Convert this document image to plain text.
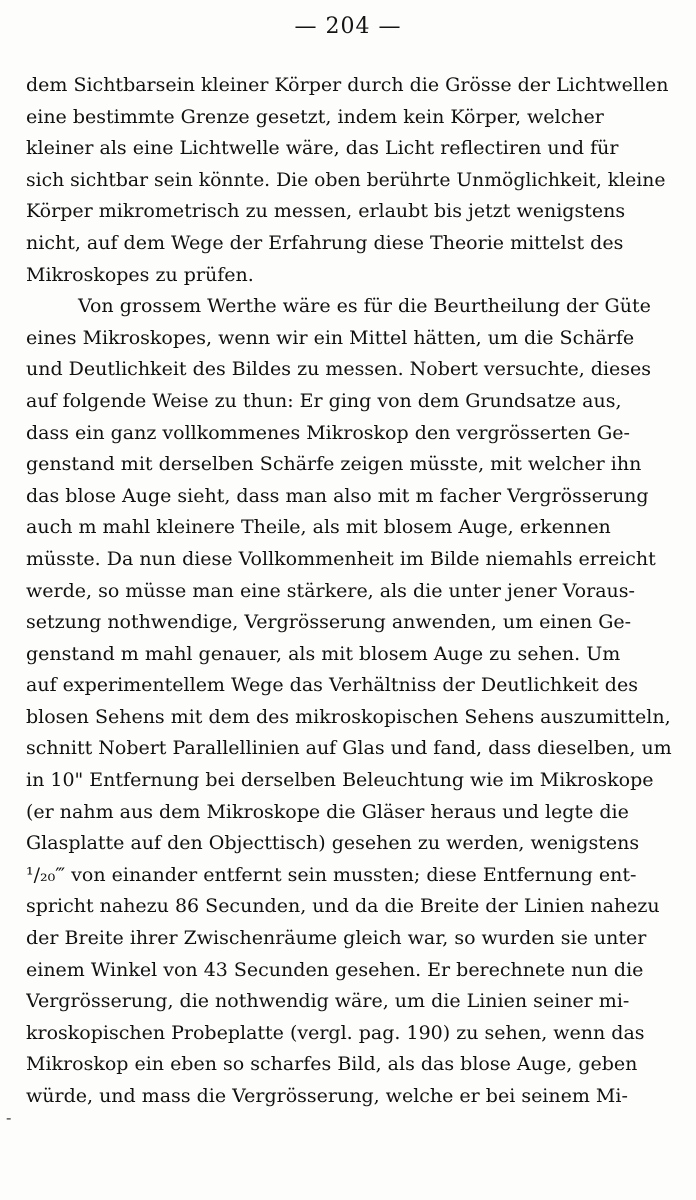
— 204 —
dem Sichtbarsein kleiner Körper durch die Grösse der Lichtwellen
eine bestimmte Grenze gesetzt, indem kein Körper, welcher
kleiner als eine Lichtwelle wäre, das Licht reflectiren und für
sich sichtbar sein könnte. Die oben berührte Unmöglichkeit, kleine
Körper mikrometrisch zu messen, erlaubt bis jetzt wenigstens
nicht, auf dem Wege der Erfahrung diese Theorie mittelst des
Mikroskopes zu prüfen.
Von grossem Werthe wäre es für die Beurtheilung der Güte
eines Mikroskopes, wenn wir ein Mittel hätten, um die Schärfe
und Deutlichkeit des Bildes zu messen. Nobert versuchte, dieses
auf folgende Weise zu thun: Er ging von dem Grundsatze aus,
dass ein ganz vollkommenes Mikroskop den vergrösserten Ge-
genstand mit derselben Schärfe zeigen müsste, mit welcher ihn
das blose Auge sieht, dass man also mit m facher Vergrösserung
auch m mahl kleinere Theile, als mit blosem Auge, erkennen
müsste. Da nun diese Vollkommenheit im Bilde niemahls erreicht
werde, so müsse man eine stärkere, als die unter jener Voraus-
setzung nothwendige, Vergrösserung anwenden, um einen Ge-
genstand m mahl genauer, als mit blosem Auge zu sehen. Um
auf experimentellem Wege das Verhältniss der Deutlichkeit des
blosen Sehens mit dem des mikroskopischen Sehens auszumitteln,
schnitt Nobert Parallellinien auf Glas und fand, dass dieselben, um
in 10" Entfernung bei derselben Beleuchtung wie im Mikroskope
(er nahm aus dem Mikroskope die Gläser heraus und legte die
Glasplatte auf den Objecttisch) gesehen zu werden, wenigstens
¹/₂₀‴ von einander entfernt sein mussten; diese Entfernung ent-
spricht nahezu 86 Secunden, und da die Breite der Linien nahezu
der Breite ihrer Zwischenräume gleich war, so wurden sie unter
einem Winkel von 43 Secunden gesehen. Er berechnete nun die
Vergrösserung, die nothwendig wäre, um die Linien seiner mi-
kroskopischen Probeplatte (vergl. pag. 190) zu sehen, wenn das
Mikroskop ein eben so scharfes Bild, als das blose Auge, geben
würde, und mass die Vergrösserung, welche er bei seinem Mi-
-
